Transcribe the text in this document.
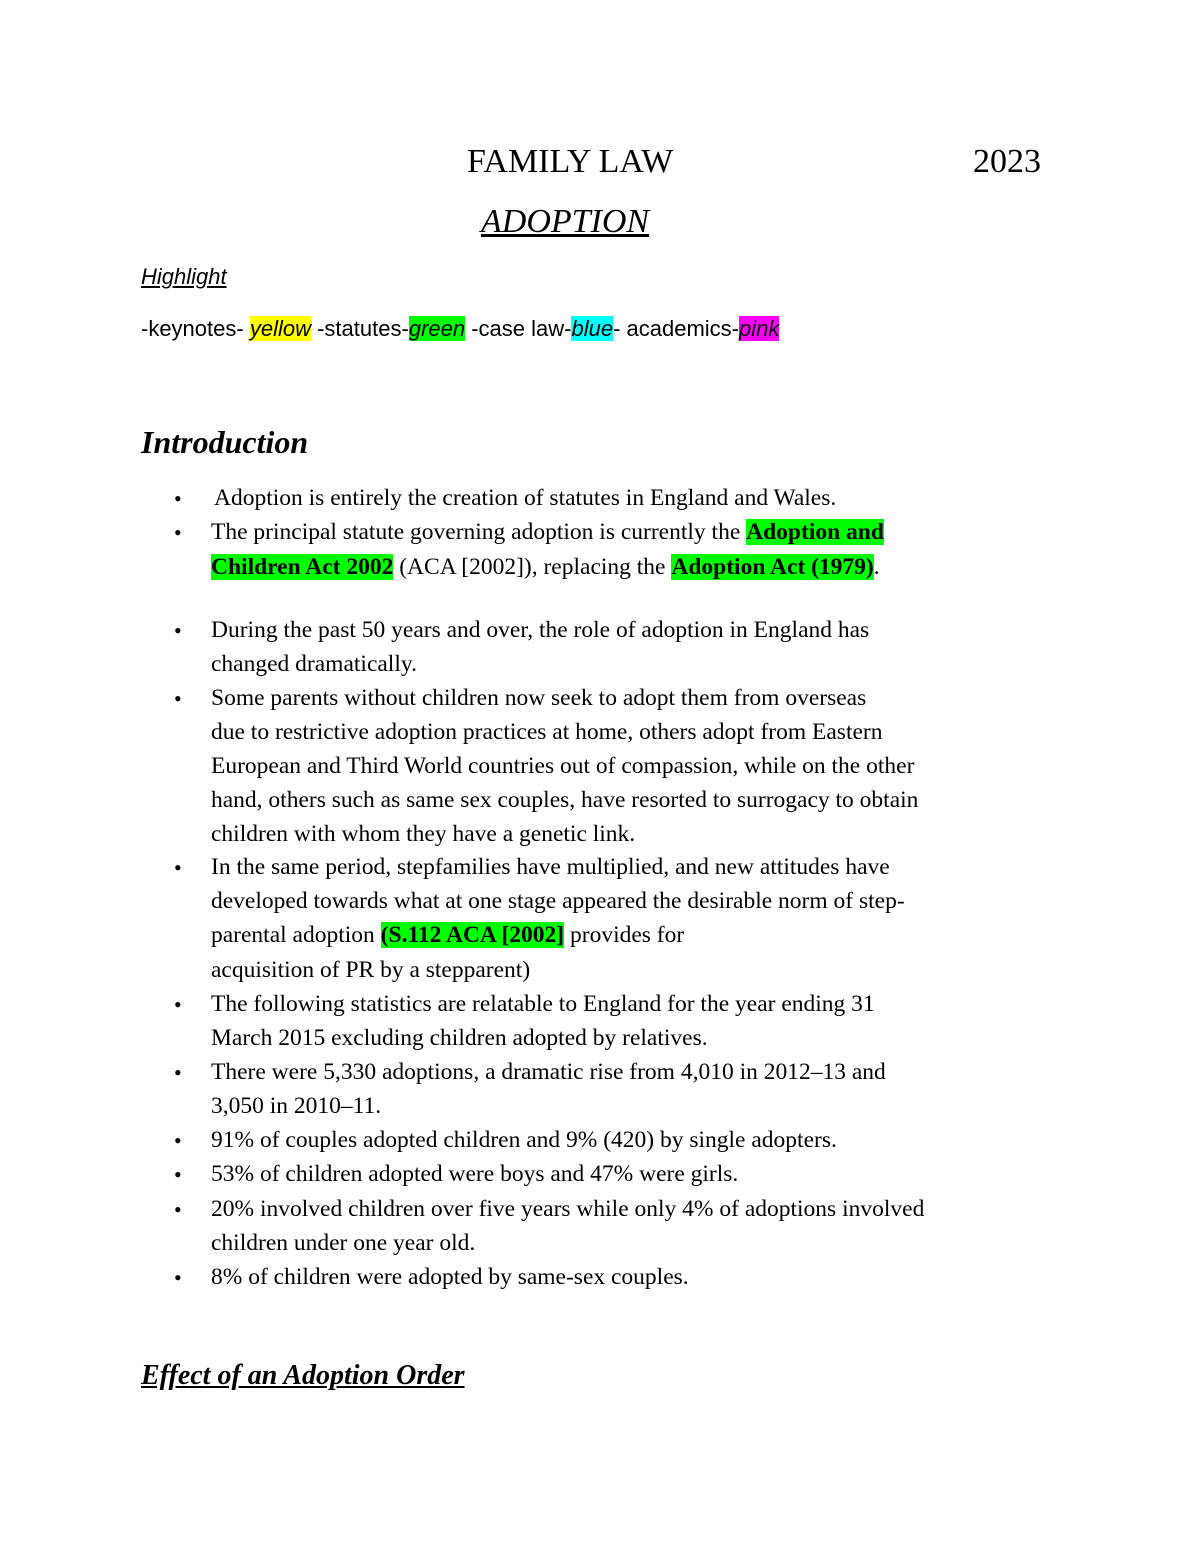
FAMILY LAW	2023
ADOPTION
Highlight
-keynotes- yellow -statutes-green -case law-blue- academics-pink
Introduction
• Adoption is entirely the creation of statutes in England and Wales.
• The principal statute governing adoption is currently the Adoption and
Children Act 2002 (ACA [2002]), replacing the Adoption Act (1979).
• During the past 50 years and over, the role of adoption in England has
changed dramatically.
• Some parents without children now seek to adopt them from overseas
due to restrictive adoption practices at home, others adopt from Eastern
European and Third World countries out of compassion, while on the other
hand, others such as same sex couples, have resorted to surrogacy to obtain
children with whom they have a genetic link.
• In the same period, stepfamilies have multiplied, and new attitudes have
developed towards what at one stage appeared the desirable norm of step-
parental adoption (S.112 ACA [2002] provides for
acquisition of PR by a stepparent)
• The following statistics are relatable to England for the year ending 31
March 2015 excluding children adopted by relatives.
• There were 5,330 adoptions, a dramatic rise from 4,010 in 2012–13 and
3,050 in 2010–11.
• 91% of couples adopted children and 9% (420) by single adopters.
• 53% of children adopted were boys and 47% were girls.
• 20% involved children over five years while only 4% of adoptions involved
children under one year old.
• 8% of children were adopted by same-sex couples.
Effect of an Adoption Order
